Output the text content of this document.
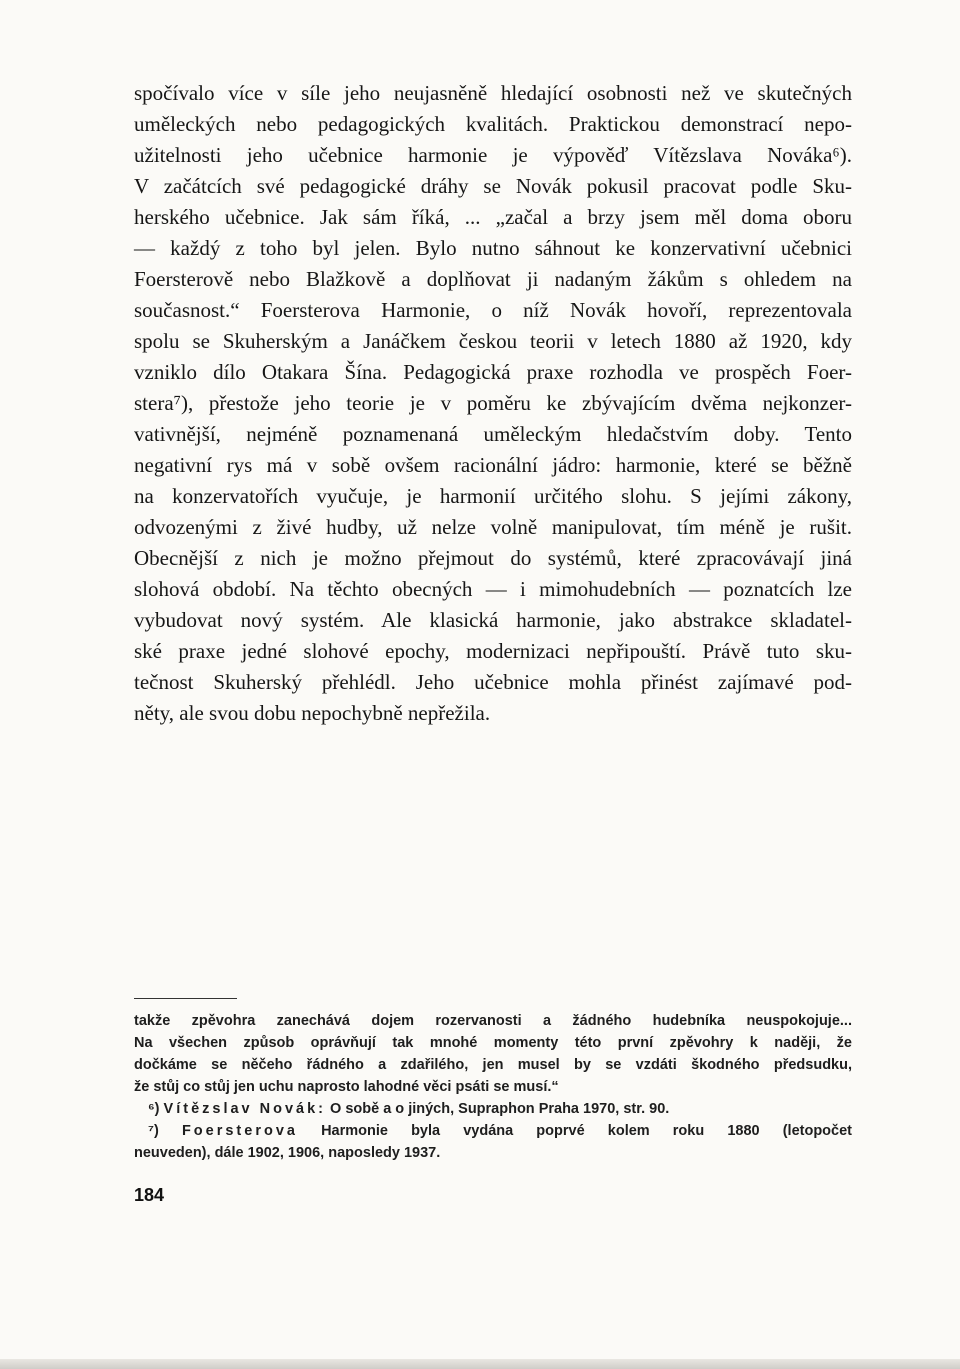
spočívalo více v síle jeho neujasněně hledající osobnosti než ve skutečných
uměleckých nebo pedagogických kvalitách. Praktickou demonstrací nepo-
užitelnosti jeho učebnice harmonie je výpověď Vítězslava Nováka⁶).
V začátcích své pedagogické dráhy se Novák pokusil pracovat podle Sku-
herského učebnice. Jak sám říká, ... „začal a brzy jsem měl doma oboru
— každý z toho byl jelen. Bylo nutno sáhnout ke konzervativní učebnici
Foersterově nebo Blažkově a doplňovat ji nadaným žákům s ohledem na
současnost.“ Foersterova Harmonie, o níž Novák hovoří, reprezentovala
spolu se Skuherským a Janáčkem českou teorii v letech 1880 až 1920, kdy
vzniklo dílo Otakara Šína. Pedagogická praxe rozhodla ve prospěch Foer-
stera⁷), přestože jeho teorie je v poměru ke zbývajícím dvěma nejkonzer-
vativnější, nejméně poznamenaná uměleckým hledačstvím doby. Tento
negativní rys má v sobě ovšem racionální jádro: harmonie, které se běžně
na konzervatořích vyučuje, je harmonií určitého slohu. S jejími zákony,
odvozenými z živé hudby, už nelze volně manipulovat, tím méně je rušit.
Obecnější z nich je možno přejmout do systémů, které zpracovávají jiná
slohová období. Na těchto obecných — i mimohudebních — poznatcích lze
vybudovat nový systém. Ale klasická harmonie, jako abstrakce skladatel-
ské praxe jedné slohové epochy, modernizaci nepřipouští. Právě tuto sku-
tečnost Skuherský přehlédl. Jeho učebnice mohla přinést zajímavé pod-
něty, ale svou dobu nepochybně nepřežila.
takže zpěvohra zanechává dojem rozervanosti a žádného hudebníka neuspokojuje...
Na všechen způsob oprávňují tak mnohé momenty této první zpěvohry k naději, že
dočkáme se něčeho řádného a zdařilého, jen musel by se vzdáti škodného předsudku,
že stůj co stůj jen uchu naprosto lahodné věci psáti se musí.“
⁶) Vítězslav Novák: O sobě a o jiných, Supraphon Praha 1970, str. 90.
⁷) Foersterova Harmonie byla vydána poprvé kolem roku 1880 (letopočet
neuveden), dále 1902, 1906, naposledy 1937.
184
